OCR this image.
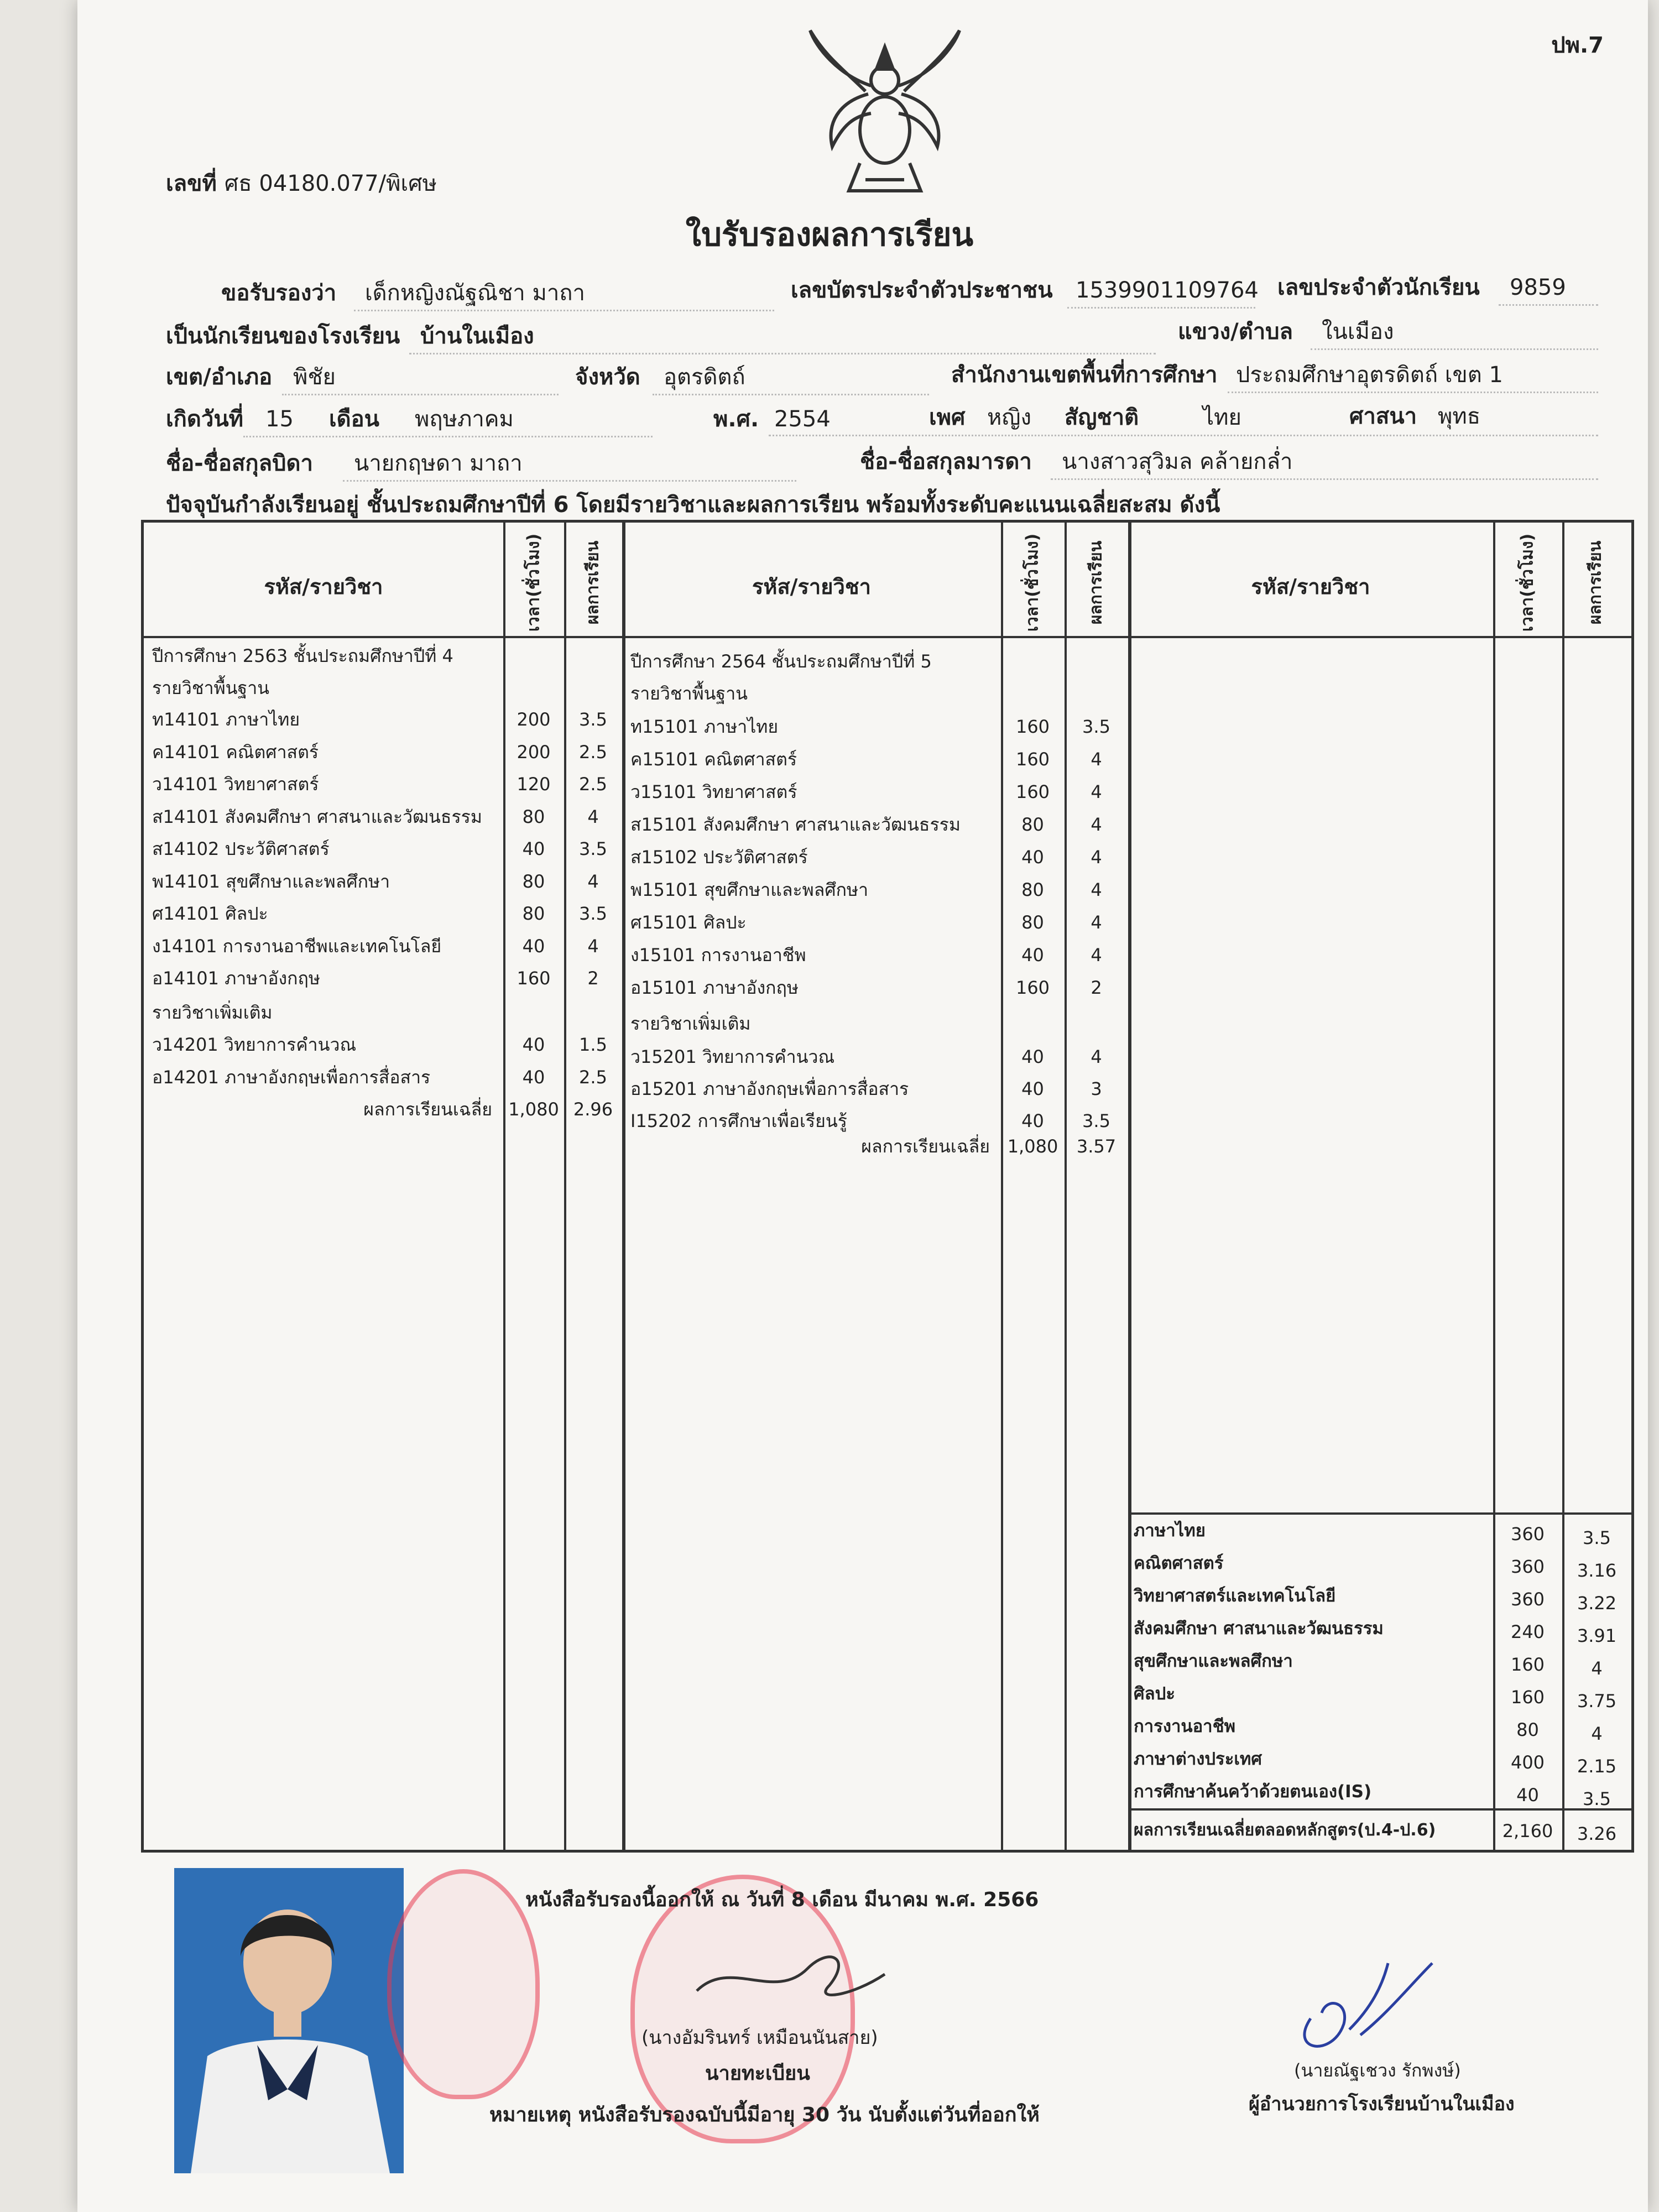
ปพ.7
เลขที่ ศธ 04180.077/พิเศษ
ใบรับรองผลการเรียน
ขอรับรองว่า เด็กหญิงณัฐณิชา มาถา	เลขบัตรประจำตัวประชาชน 1539901109764 เลขประจำตัวนักเรียน 9859
เป็นนักเรียนของโรงเรียน บ้านในเมือง	แขวง/ตำบล ในเมือง
เขต/อำเภอ พิชัย	จังหวัด อุตรดิตถ์	สำนักงานเขตพื้นที่การศึกษา ประถมศึกษาอุตรดิตถ์ เขต 1
เกิดวันที่ 15 เดือน พฤษภาคม	พ.ศ. 2554	เพศ หญิง สัญชาติ	ไทย	ศาสนา พุทธ
ชื่อ-ชื่อสกุลบิดา นายกฤษดา มาถา	ชื่อ-ชื่อสกุลมารดา นางสาวสุวิมล คล้ายกล่ำ
ปัจจุบันกำลังเรียนอยู่ ชั้นประถมศึกษาปีที่ 6 โดยมีรายวิชาและผลการเรียน พร้อมทั้งระดับคะแนนเฉลี่ยสะสม ดังนี้
รหัส/รายวิชา	เวลา(ชั่วโมง) ผลการเรียน	รหัส/รายวิชา	เวลา(ชั่วโมง)	ผลการเรียน	รหัส/รายวิชา	เวลา(ชั่วโมง)	ผลการเรียน
ปีการศึกษา 2563 ชั้นประถมศึกษาปีที่ 4
รายวิชาพื้นฐาน
ท14101 ภาษาไทย	200	3.5
ค14101 คณิตศาสตร์	200	2.5
ว14101 วิทยาศาสตร์	120	2.5
ส14101 สังคมศึกษา ศาสนาและวัฒนธรรม	80	4
ส14102 ประวัติศาสตร์	40	3.5
พ14101 สุขศึกษาและพลศึกษา	80	4
ศ14101 ศิลปะ	80	3.5
ง14101 การงานอาชีพและเทคโนโลยี	40	4
อ14101 ภาษาอังกฤษ	160	2
รายวิชาเพิ่มเติม
ว14201 วิทยาการคำนวณ	40	1.5
อ14201 ภาษาอังกฤษเพื่อการสื่อสาร	40	2.5
ผลการเรียนเฉลี่ย 1,080 2.96
ปีการศึกษา 2564 ชั้นประถมศึกษาปีที่ 5
รายวิชาพื้นฐาน
ท15101 ภาษาไทย	160	3.5
ค15101 คณิตศาสตร์	160	4
ว15101 วิทยาศาสตร์	160	4
ส15101 สังคมศึกษา ศาสนาและวัฒนธรรม	80	4
ส15102 ประวัติศาสตร์	40	4
พ15101 สุขศึกษาและพลศึกษา	80	4
ศ15101 ศิลปะ	80	4
ง15101 การงานอาชีพ	40	4
อ15101 ภาษาอังกฤษ	160	2
รายวิชาเพิ่มเติม
ว15201 วิทยาการคำนวณ	40	4
อ15201 ภาษาอังกฤษเพื่อการสื่อสาร	40	3
I15202 การศึกษาเพื่อเรียนรู้	40	3.5
ผลการเรียนเฉลี่ย 1,080	3.57
ภาษาไทย	360	3.5
คณิตศาสตร์	360	3.16
วิทยาศาสตร์และเทคโนโลยี	360	3.22
สังคมศึกษา ศาสนาและวัฒนธรรม	240	3.91
สุขศึกษาและพลศึกษา	160	4
ศิลปะ	160	3.75
การงานอาชีพ	80	4
ภาษาต่างประเทศ	400	2.15
การศึกษาค้นคว้าด้วยตนเอง(IS)	40	3.5
ผลการเรียนเฉลี่ยตลอดหลักสูตร(ป.4-ป.6)	2,160	3.26
หนังสือรับรองนี้ออกให้ ณ วันที่ 8 เดือน มีนาคม พ.ศ. 2566
(นางอัมรินทร์ เหมือนนันสาย)
นายทะเบียน
หมายเหตุ หนังสือรับรองฉบับนี้มีอายุ 30 วัน นับตั้งแต่วันที่ออกให้
(นายณัฐเชวง รักพงษ์)
ผู้อำนวยการโรงเรียนบ้านในเมือง
